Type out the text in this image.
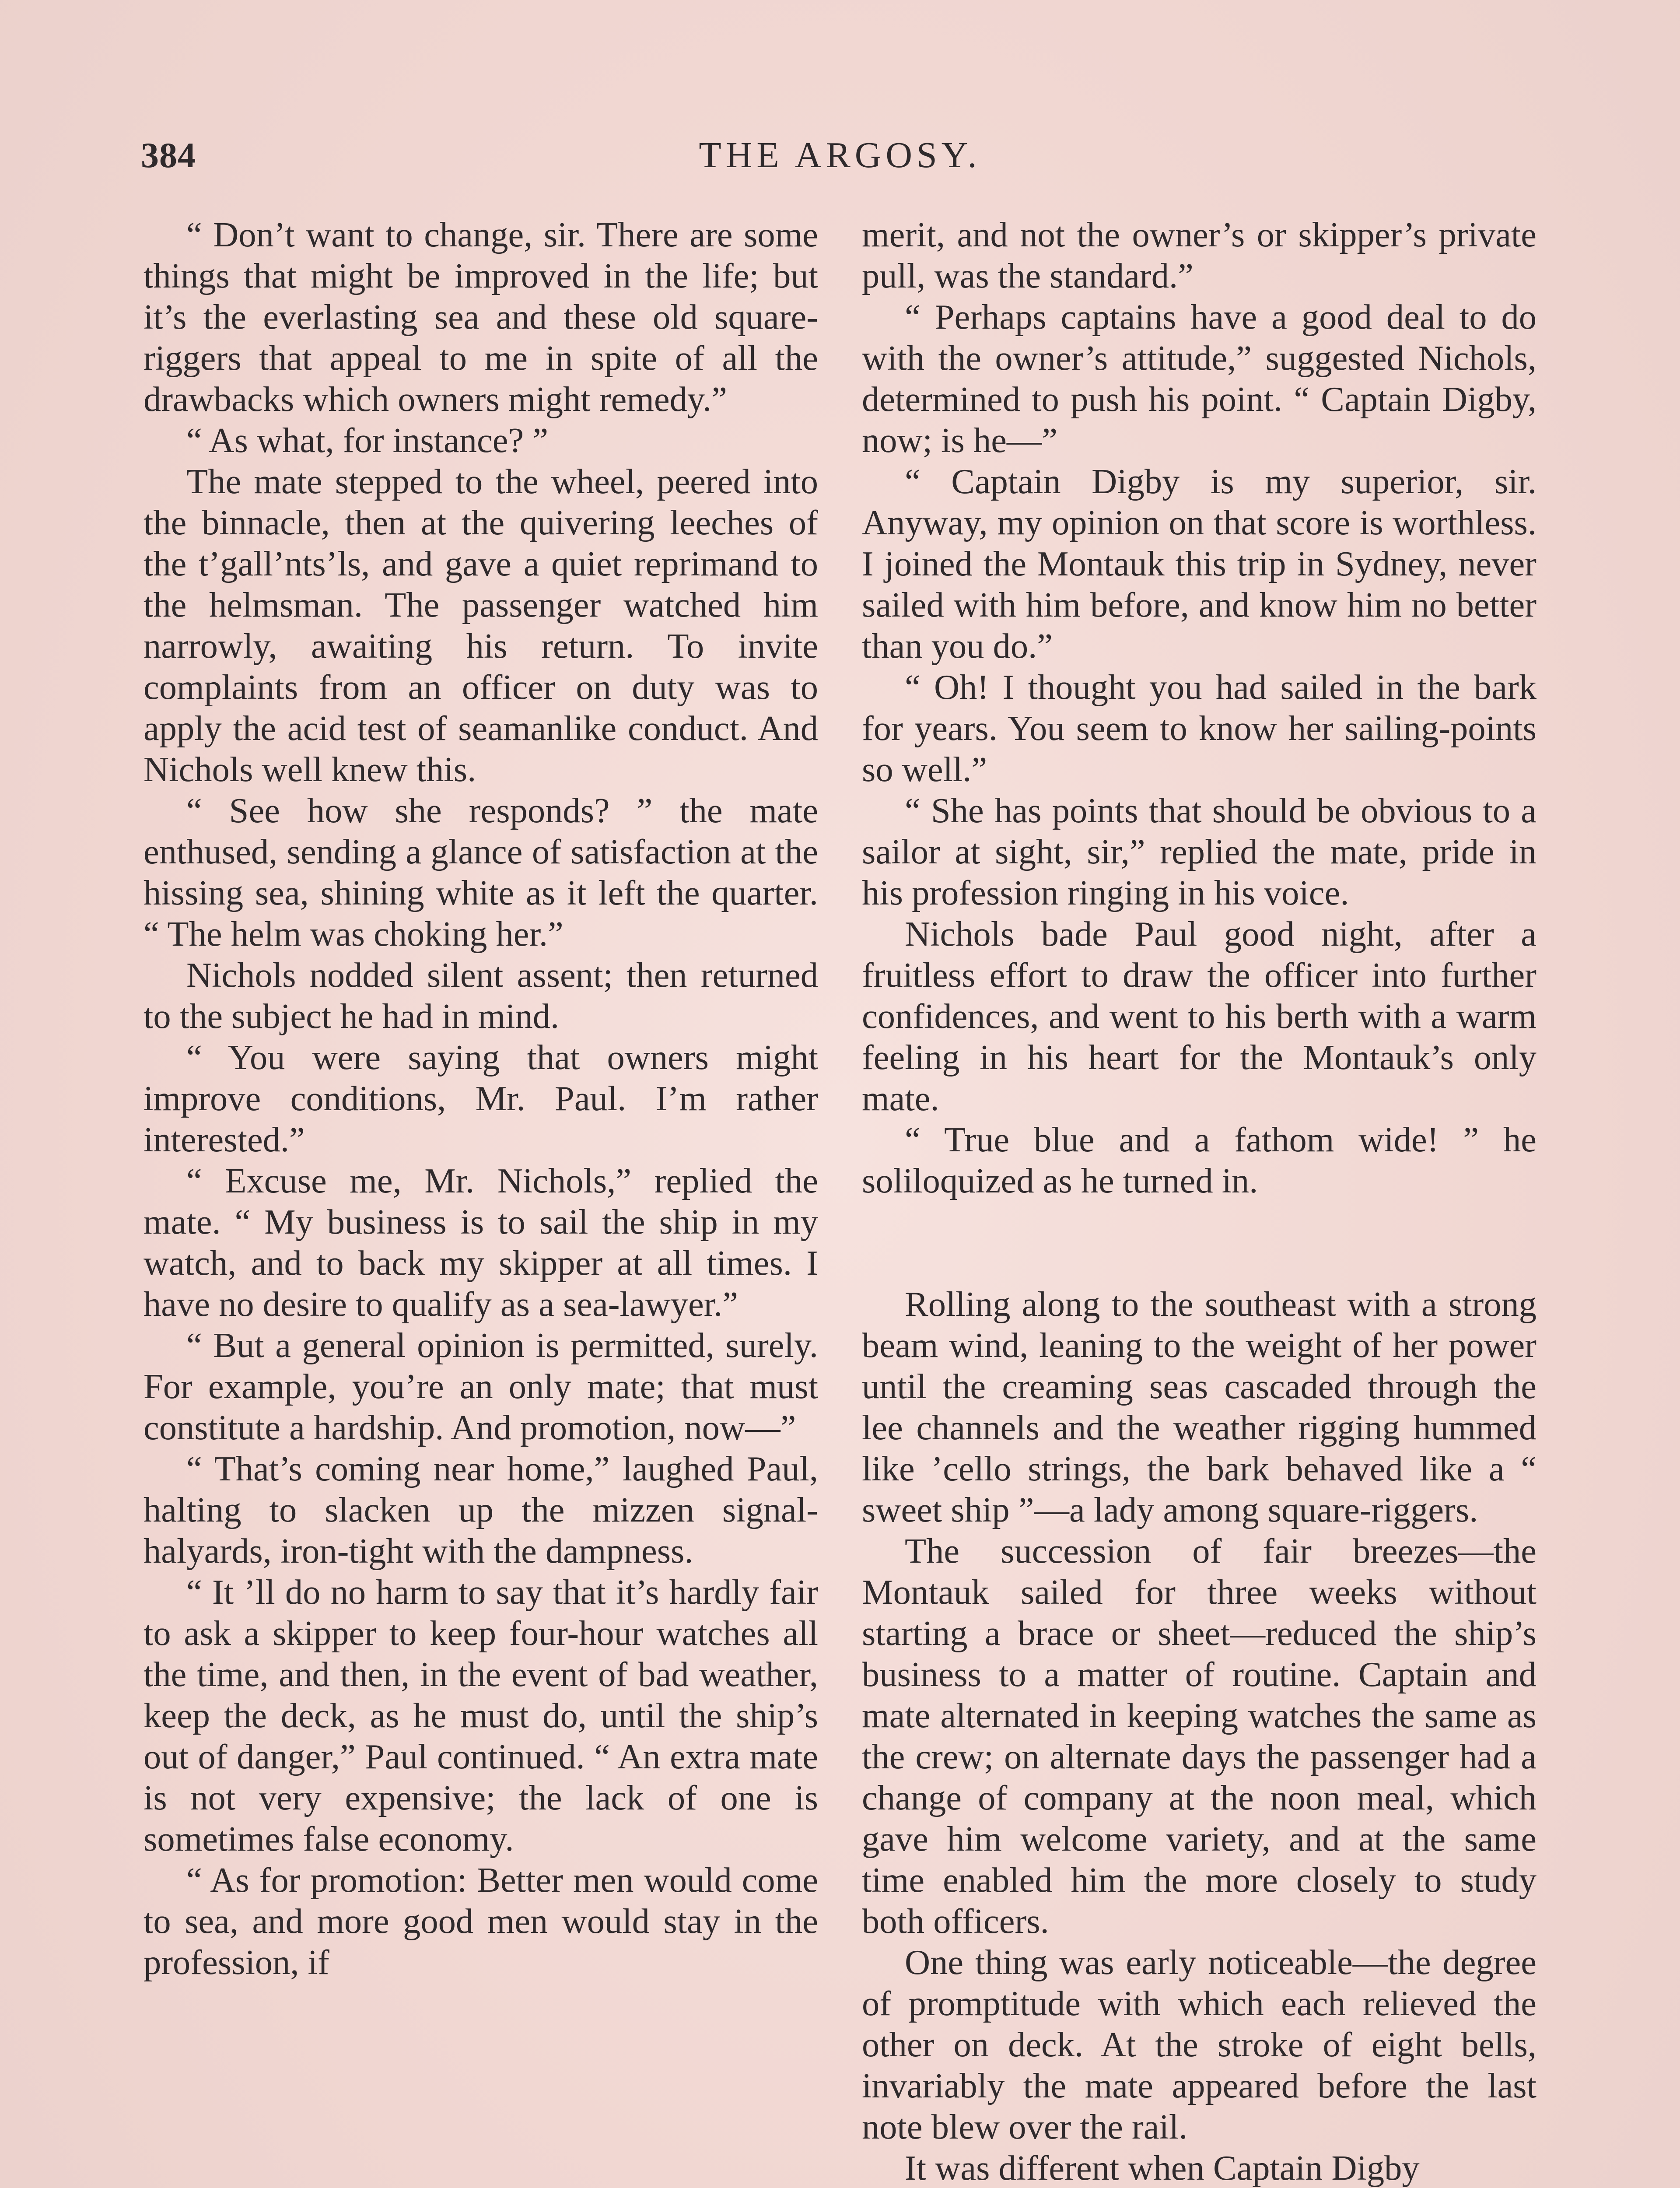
384	THE ARGOSY.

“ Don’t want to change, sir. There are some things that might be improved in the life; but it’s the everlasting sea and these old square-riggers that appeal to me in spite of all the drawbacks which owners might remedy.”

“ As what, for instance? ”

The mate stepped to the wheel, peered into the binnacle, then at the quivering leeches of the t’gall’nts’ls, and gave a quiet reprimand to the helmsman. The passenger watched him narrowly, awaiting his return. To invite complaints from an officer on duty was to apply the acid test of seamanlike conduct. And Nichols well knew this.

“ See how she responds? ” the mate enthused, sending a glance of satisfaction at the hissing sea, shining white as it left the quarter. “ The helm was choking her.”

Nichols nodded silent assent; then returned to the subject he had in mind.

“ You were saying that owners might improve conditions, Mr. Paul. I’m rather interested.”

“ Excuse me, Mr. Nichols,” replied the mate. “ My business is to sail the ship in my watch, and to back my skipper at all times. I have no desire to qualify as a sea-lawyer.”

“ But a general opinion is permitted, surely. For example, you’re an only mate; that must constitute a hardship. And promotion, now—”

“ That’s coming near home,” laughed Paul, halting to slacken up the mizzen signal-halyards, iron-tight with the dampness.

“ It ’ll do no harm to say that it’s hardly fair to ask a skipper to keep four-hour watches all the time, and then, in the event of bad weather, keep the deck, as he must do, until the ship’s out of danger,” Paul continued. “ An extra mate is not very expensive; the lack of one is sometimes false economy.

“ As for promotion: Better men would come to sea, and more good men would stay in the profession, if

merit, and not the owner’s or skipper’s private pull, was the standard.”

“ Perhaps captains have a good deal to do with the owner’s attitude,” suggested Nichols, determined to push his point. “ Captain Digby, now; is he—”

“ Captain Digby is my superior, sir. Anyway, my opinion on that score is worthless. I joined the Montauk this trip in Sydney, never sailed with him before, and know him no better than you do.”

“ Oh! I thought you had sailed in the bark for years. You seem to know her sailing-points so well.”

“ She has points that should be obvious to a sailor at sight, sir,” replied the mate, pride in his profession ringing in his voice.

Nichols bade Paul good night, after a fruitless effort to draw the officer into further confidences, and went to his berth with a warm feeling in his heart for the Montauk’s only mate.

“ True blue and a fathom wide! ” he soliloquized as he turned in.

Rolling along to the southeast with a strong beam wind, leaning to the weight of her power until the creaming seas cascaded through the lee channels and the weather rigging hummed like ’cello strings, the bark behaved like a “ sweet ship ”—a lady among square-riggers.

The succession of fair breezes—the Montauk sailed for three weeks without starting a brace or sheet—reduced the ship’s business to a matter of routine. Captain and mate alternated in keeping watches the same as the crew; on alternate days the passenger had a change of company at the noon meal, which gave him welcome variety, and at the same time enabled him the more closely to study both officers.

One thing was early noticeable—the degree of promptitude with which each relieved the other on deck. At the stroke of eight bells, invariably the mate appeared before the last note blew over the rail.

It was different when Captain Digby
